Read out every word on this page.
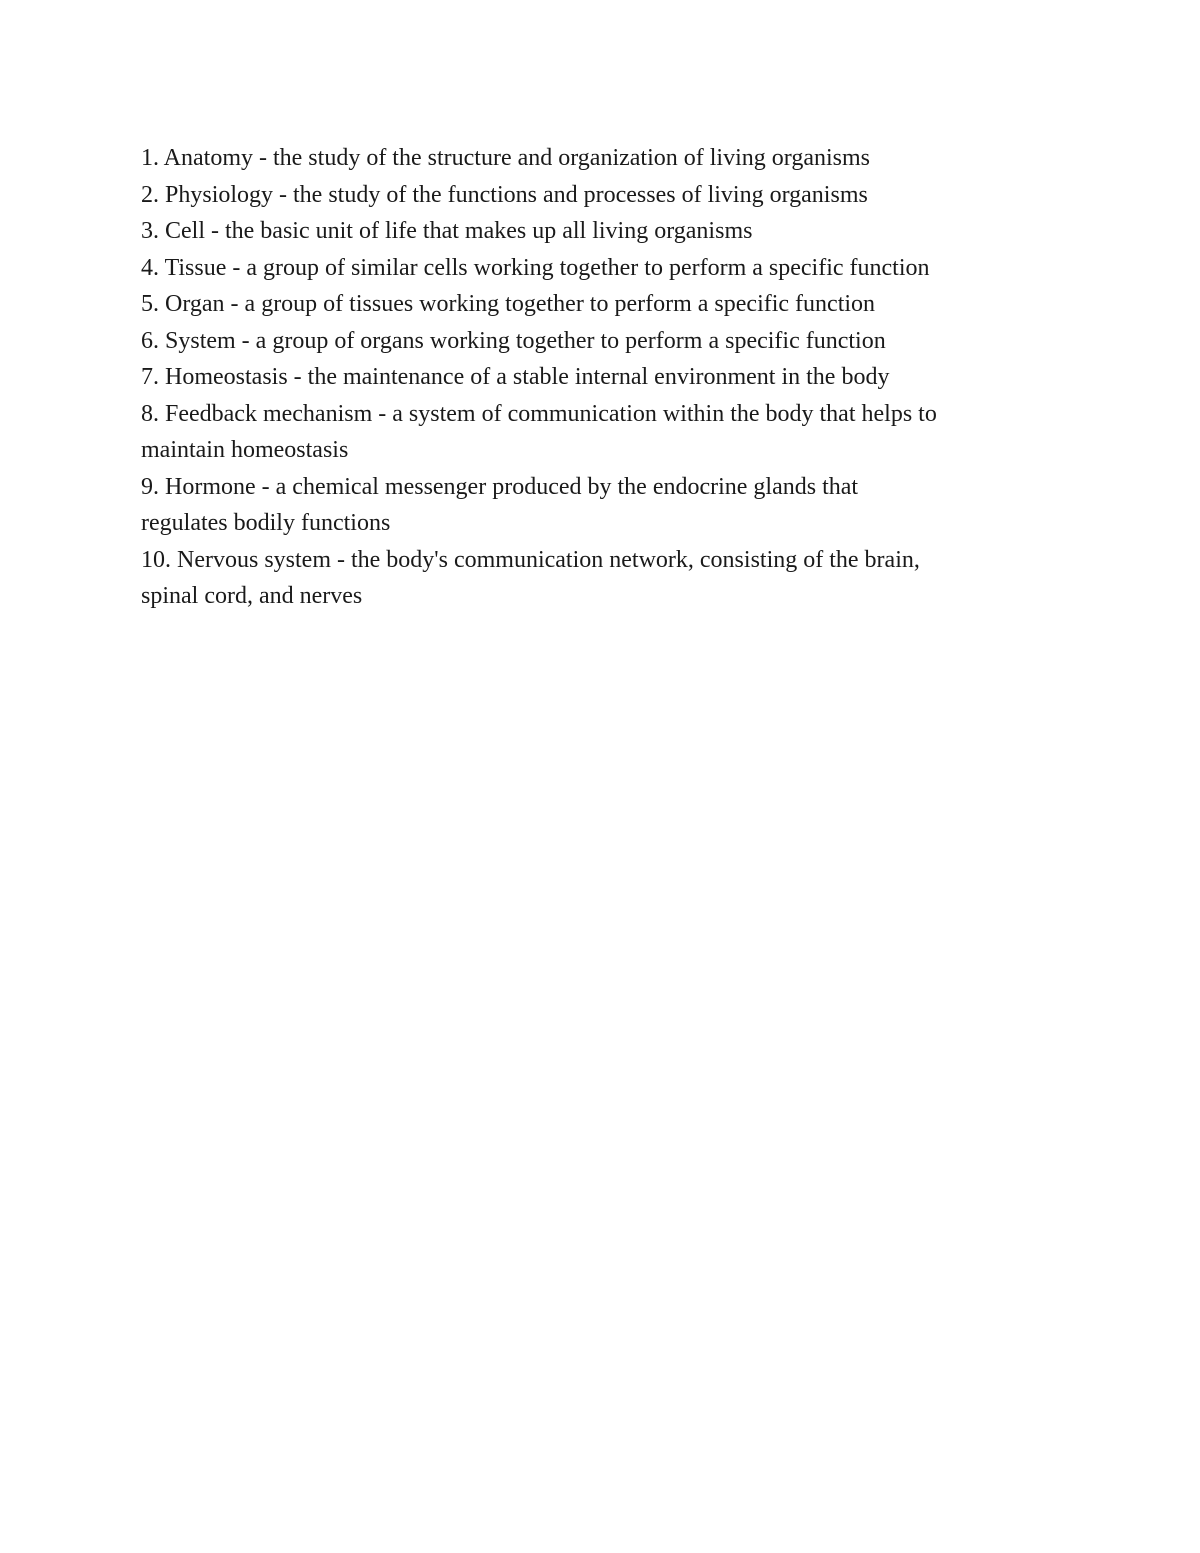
1. Anatomy - the study of the structure and organization of living organisms
2. Physiology - the study of the functions and processes of living organisms
3. Cell - the basic unit of life that makes up all living organisms
4. Tissue - a group of similar cells working together to perform a specific function
5. Organ - a group of tissues working together to perform a specific function
6. System - a group of organs working together to perform a specific function
7. Homeostasis - the maintenance of a stable internal environment in the body
8. Feedback mechanism - a system of communication within the body that helps to
maintain homeostasis
9. Hormone - a chemical messenger produced by the endocrine glands that
regulates bodily functions
10. Nervous system - the body's communication network, consisting of the brain,
spinal cord, and nerves
